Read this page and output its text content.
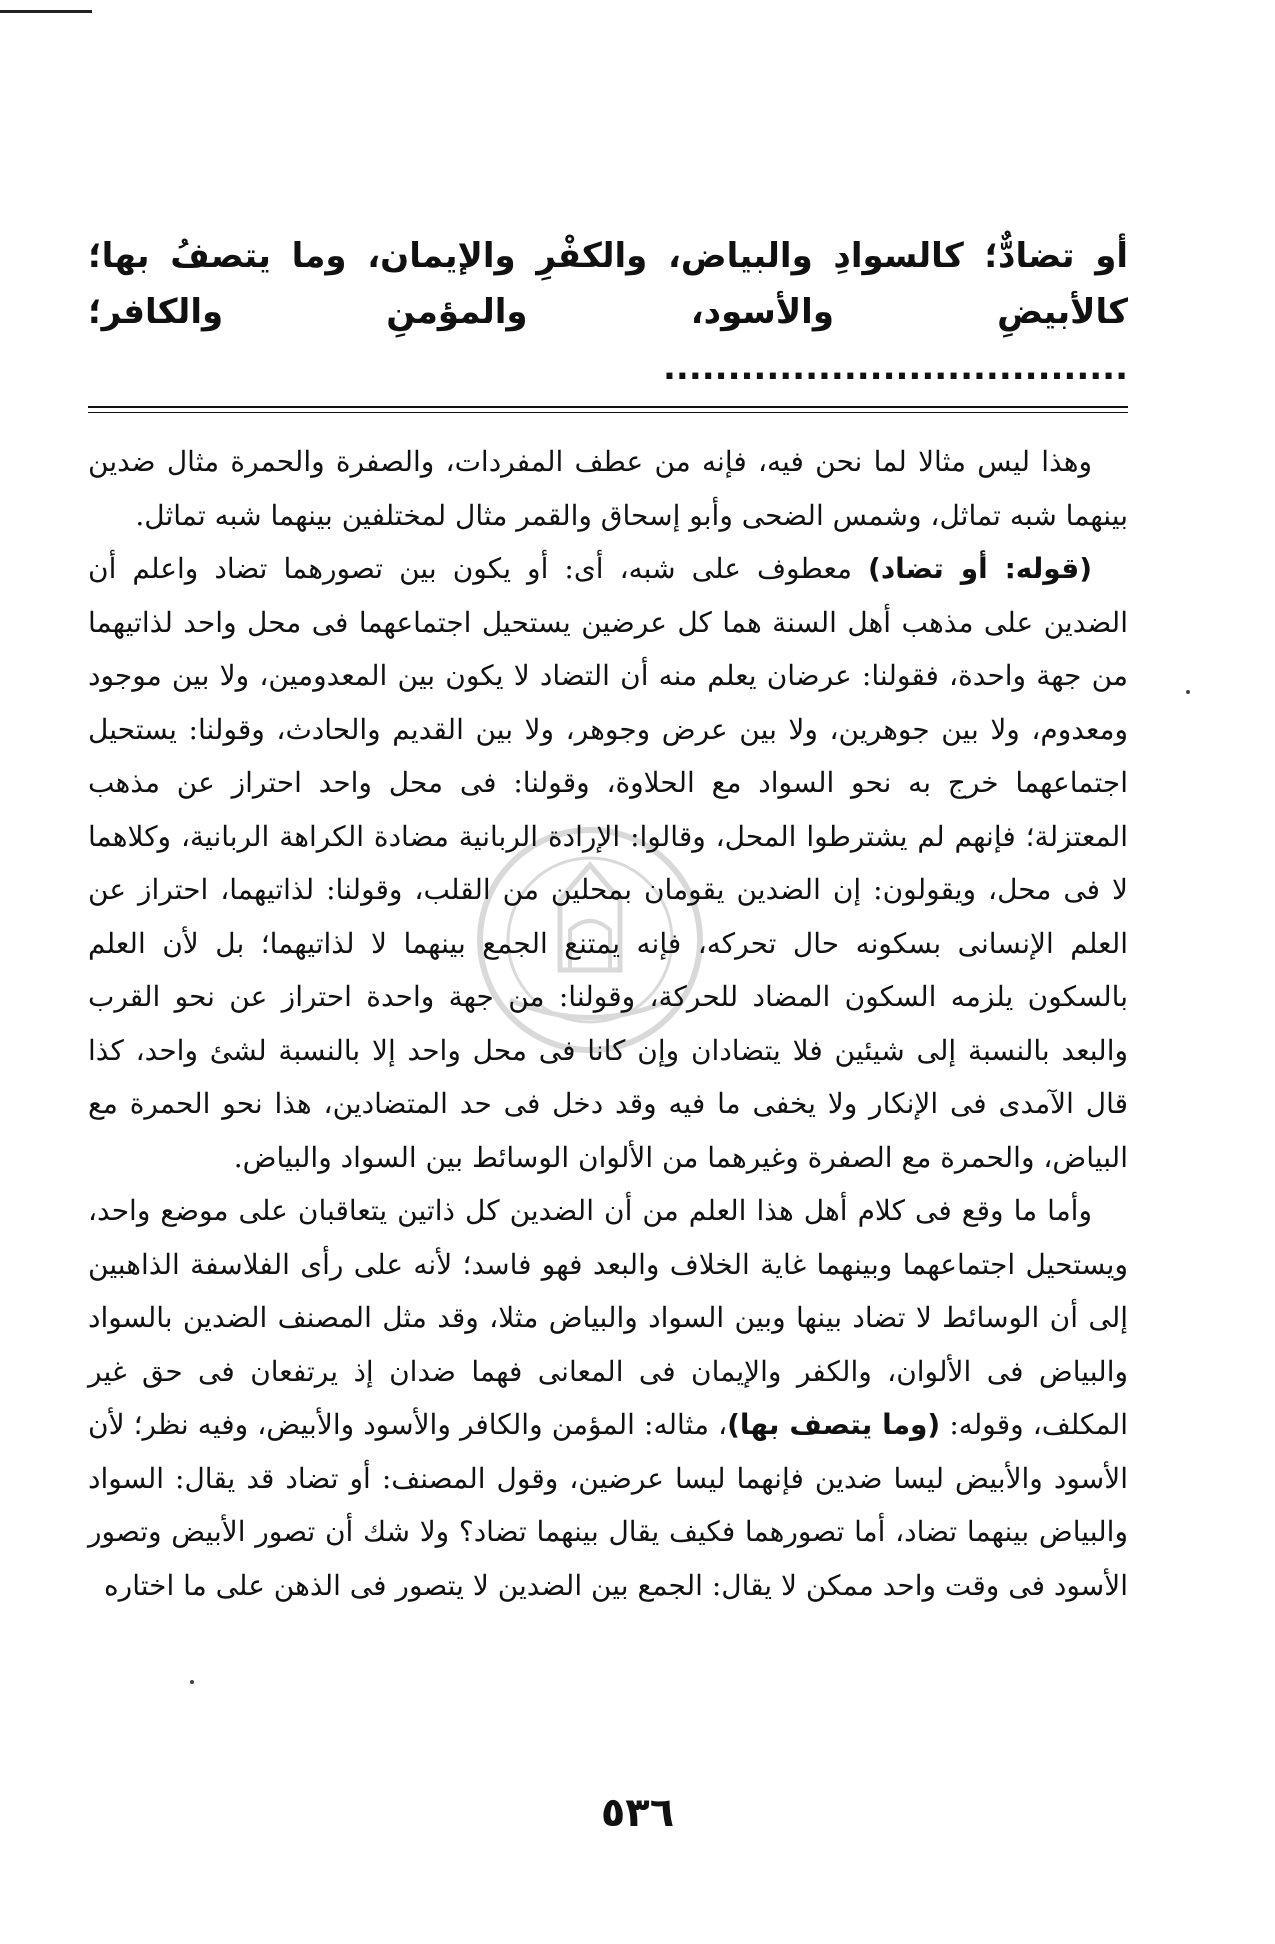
أو تضادٌّ؛ كالسوادِ والبياض، والكفْرِ والإيمان، وما يتصفُ بها؛ كالأبيضِ والأسود، والمؤمنِ والكافر؛ ....................................

وهذا ليس مثالا لما نحن فيه، فإنه من عطف المفردات، والصفرة والحمرة مثال ضدين بينهما شبه تماثل، وشمس الضحى وأبو إسحاق والقمر مثال لمختلفين بينهما شبه تماثل.

(قوله: أو تضاد) معطوف على شبه، أى: أو يكون بين تصورهما تضاد واعلم أن الضدين على مذهب أهل السنة هما كل عرضين يستحيل اجتماعهما فى محل واحد لذاتيهما من جهة واحدة، فقولنا: عرضان يعلم منه أن التضاد لا يكون بين المعدومين، ولا بين موجود ومعدوم، ولا بين جوهرين، ولا بين عرض وجوهر، ولا بين القديم والحادث، وقولنا: يستحيل اجتماعهما خرج به نحو السواد مع الحلاوة، وقولنا: فى محل واحد احتراز عن مذهب المعتزلة؛ فإنهم لم يشترطوا المحل، وقالوا: الإرادة الربانية مضادة الكراهة الربانية، وكلاهما لا فى محل، ويقولون: إن الضدين يقومان بمحلين من القلب، وقولنا: لذاتيهما، احتراز عن العلم الإنسانى بسكونه حال تحركه، فإنه يمتنع الجمع بينهما لا لذاتيهما؛ بل لأن العلم بالسكون يلزمه السكون المضاد للحركة، وقولنا: من جهة واحدة احتراز عن نحو القرب والبعد بالنسبة إلى شيئين فلا يتضادان وإن كانا فى محل واحد إلا بالنسبة لشئ واحد، كذا قال الآمدى فى الإنكار ولا يخفى ما فيه وقد دخل فى حد المتضادين، هذا نحو الحمرة مع البياض، والحمرة مع الصفرة وغيرهما من الألوان الوسائط بين السواد والبياض.

وأما ما وقع فى كلام أهل هذا العلم من أن الضدين كل ذاتين يتعاقبان على موضع واحد، ويستحيل اجتماعهما وبينهما غاية الخلاف والبعد فهو فاسد؛ لأنه على رأى الفلاسفة الذاهبين إلى أن الوسائط لا تضاد بينها وبين السواد والبياض مثلا، وقد مثل المصنف الضدين بالسواد والبياض فى الألوان، والكفر والإيمان فى المعانى فهما ضدان إذ يرتفعان فى حق غير المكلف، وقوله: (وما يتصف بها)، مثاله: المؤمن والكافر والأسود والأبيض، وفيه نظر؛ لأن الأسود والأبيض ليسا ضدين فإنهما ليسا عرضين، وقول المصنف: أو تضاد قد يقال: السواد والبياض بينهما تضاد، أما تصورهما فكيف يقال بينهما تضاد؟ ولا شك أن تصور الأبيض وتصور الأسود فى وقت واحد ممكن لا يقال: الجمع بين الضدين لا يتصور فى الذهن على ما اختاره

٥٣٦
